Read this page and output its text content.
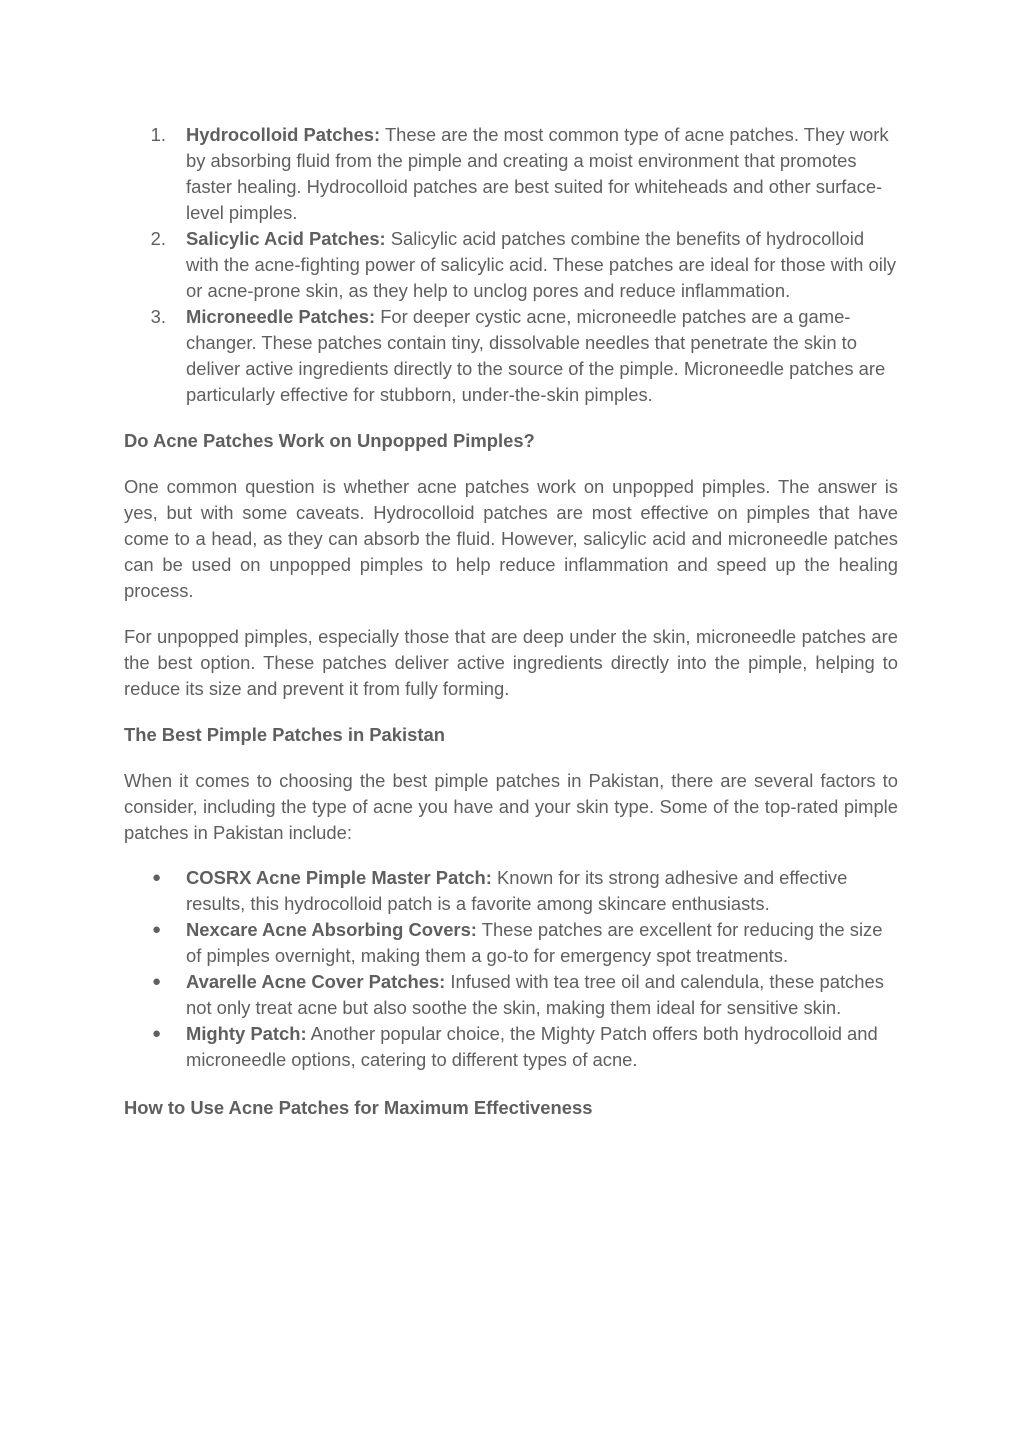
1.	Hydrocolloid Patches: These are the most common type of acne patches. They work by absorbing fluid from the pimple and creating a moist environment that promotes faster healing. Hydrocolloid patches are best suited for whiteheads and other surface-level pimples.
2.	Salicylic Acid Patches: Salicylic acid patches combine the benefits of hydrocolloid with the acne-fighting power of salicylic acid. These patches are ideal for those with oily or acne-prone skin, as they help to unclog pores and reduce inflammation.
3.	Microneedle Patches: For deeper cystic acne, microneedle patches are a game-changer. These patches contain tiny, dissolvable needles that penetrate the skin to deliver active ingredients directly to the source of the pimple. Microneedle patches are particularly effective for stubborn, under-the-skin pimples.

Do Acne Patches Work on Unpopped Pimples?

One common question is whether acne patches work on unpopped pimples. The answer is yes, but with some caveats. Hydrocolloid patches are most effective on pimples that have come to a head, as they can absorb the fluid. However, salicylic acid and microneedle patches can be used on unpopped pimples to help reduce inflammation and speed up the healing process.

For unpopped pimples, especially those that are deep under the skin, microneedle patches are the best option. These patches deliver active ingredients directly into the pimple, helping to reduce its size and prevent it from fully forming.

The Best Pimple Patches in Pakistan

When it comes to choosing the best pimple patches in Pakistan, there are several factors to consider, including the type of acne you have and your skin type. Some of the top-rated pimple patches in Pakistan include:

●	COSRX Acne Pimple Master Patch: Known for its strong adhesive and effective results, this hydrocolloid patch is a favorite among skincare enthusiasts.
●	Nexcare Acne Absorbing Covers: These patches are excellent for reducing the size of pimples overnight, making them a go-to for emergency spot treatments.
●	Avarelle Acne Cover Patches: Infused with tea tree oil and calendula, these patches not only treat acne but also soothe the skin, making them ideal for sensitive skin.
●	Mighty Patch: Another popular choice, the Mighty Patch offers both hydrocolloid and microneedle options, catering to different types of acne.

How to Use Acne Patches for Maximum Effectiveness
